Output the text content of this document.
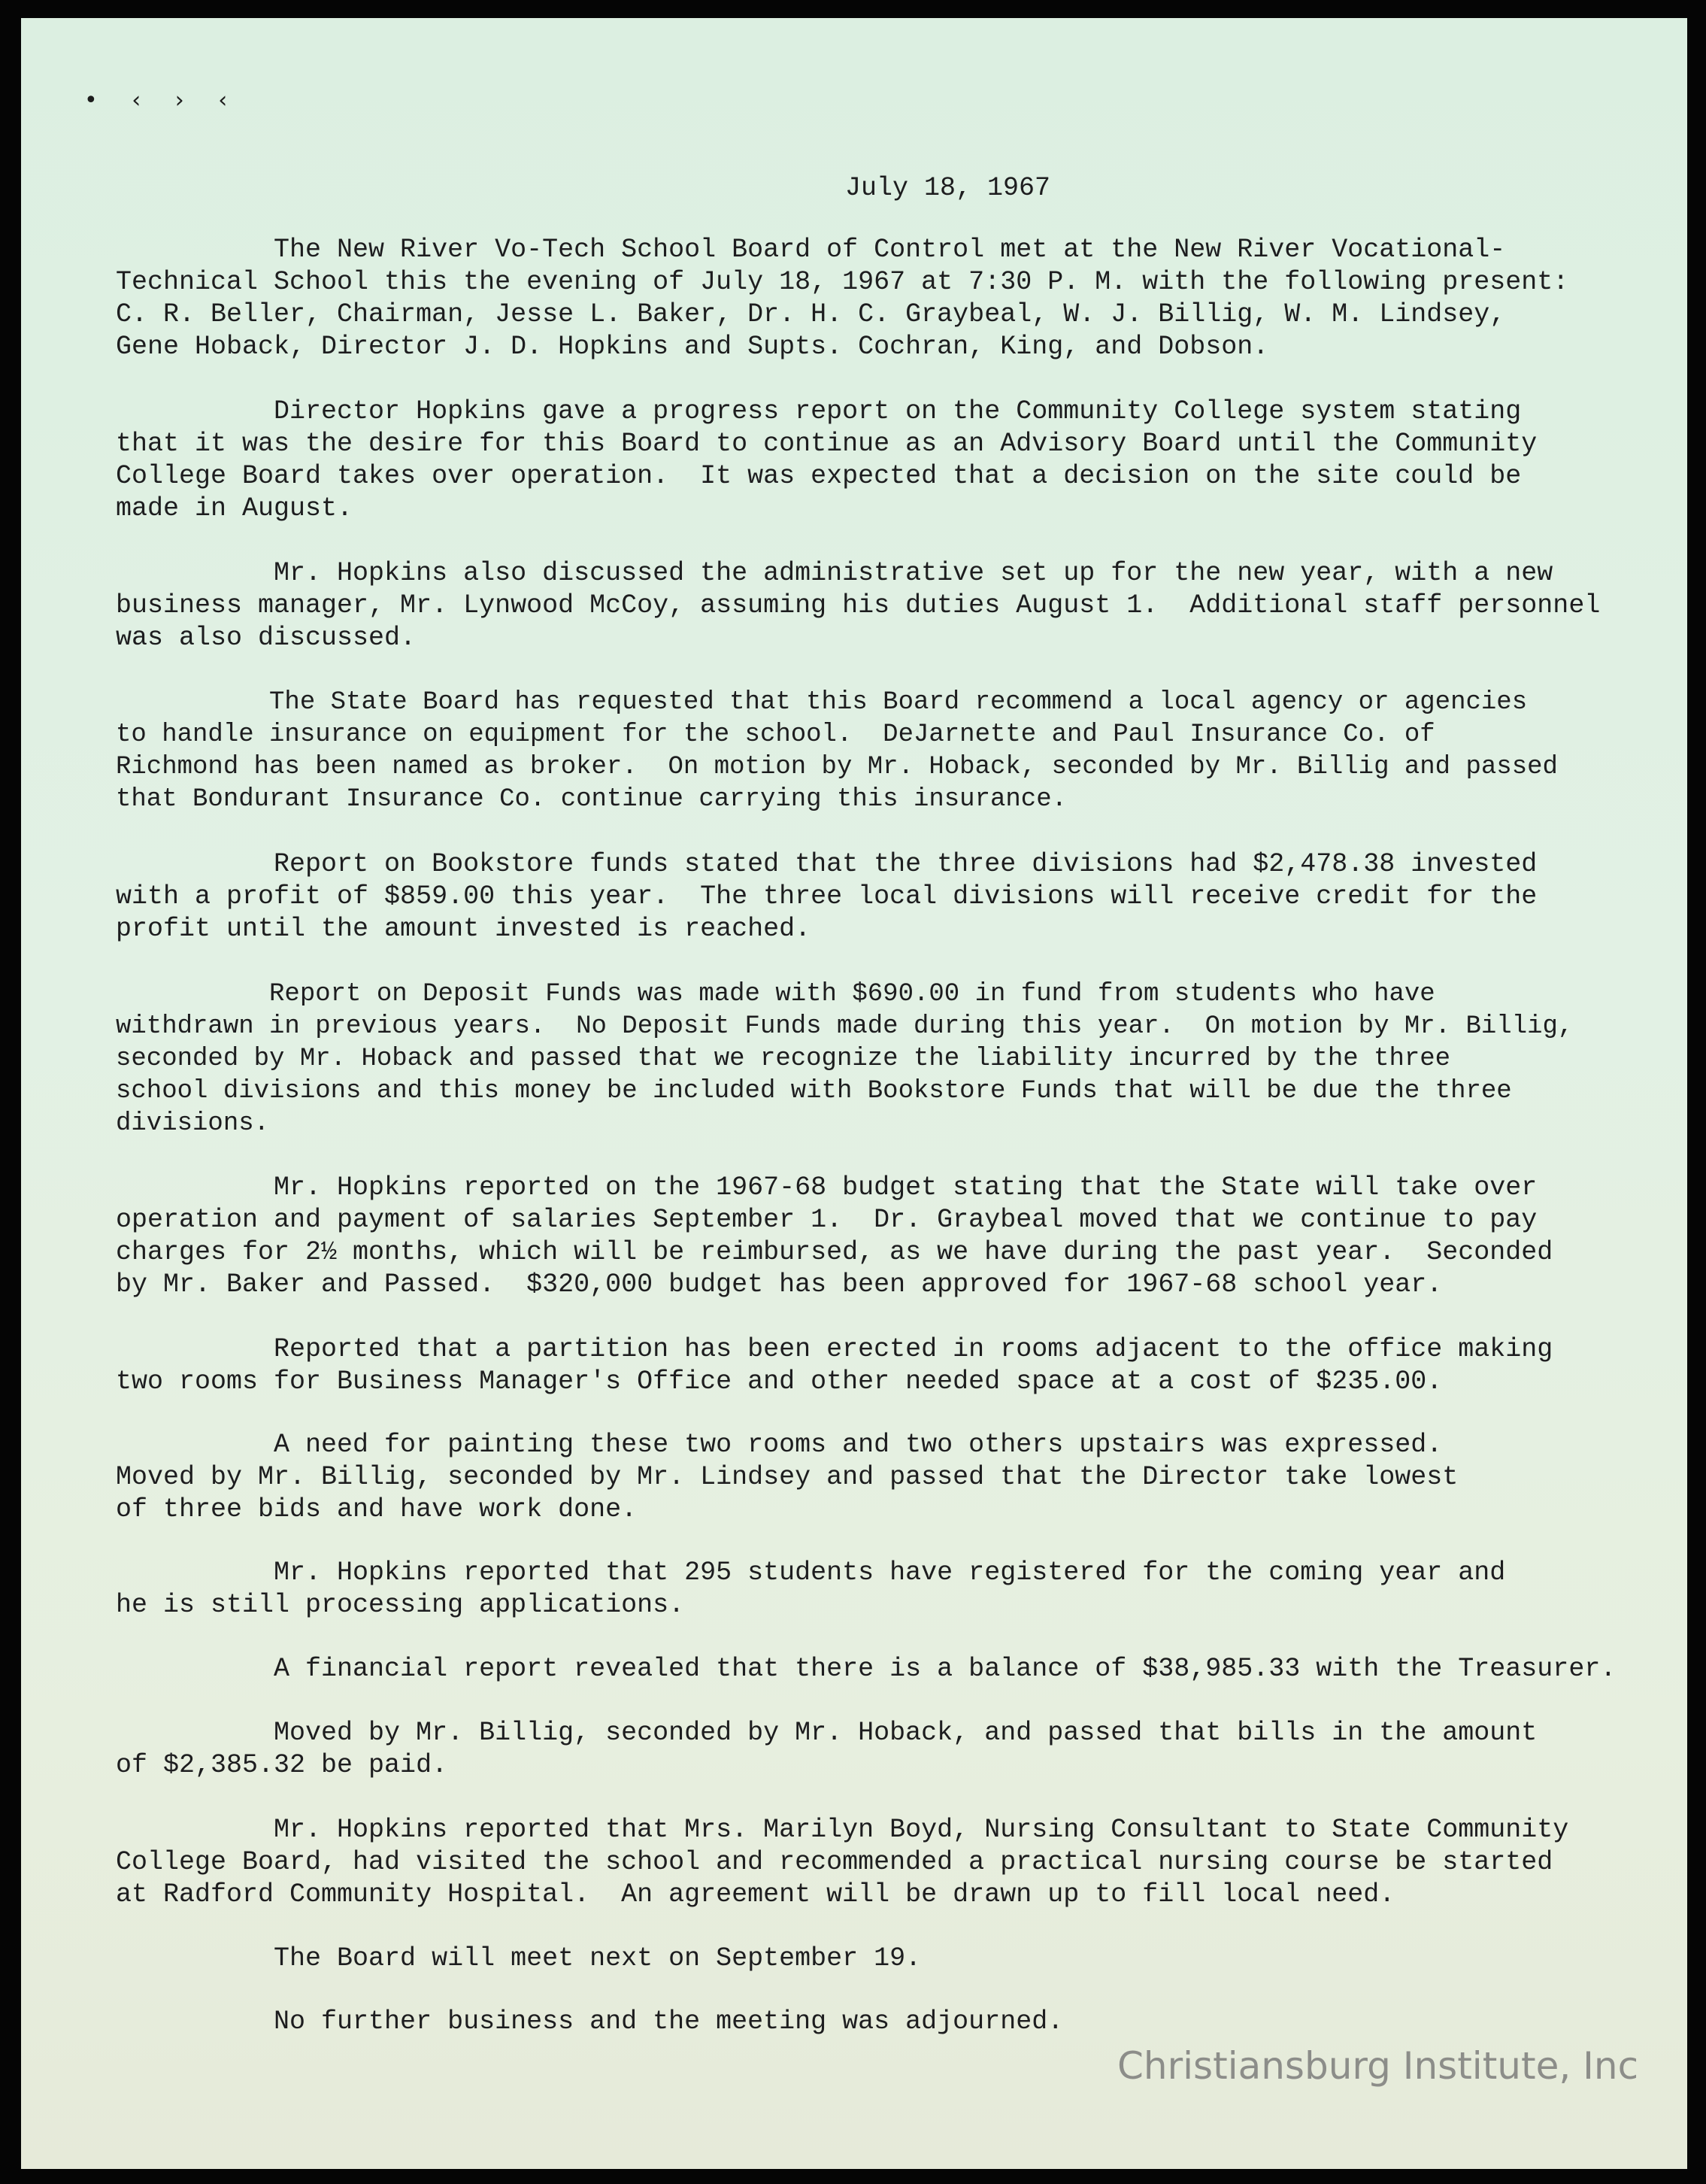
• ‹ › ‹

July 18, 1967

The New River Vo-Tech School Board of Control met at the New River Vocational-
Technical School this the evening of July 18, 1967 at 7:30 P. M. with the following present:
C. R. Beller, Chairman, Jesse L. Baker, Dr. H. C. Graybeal, W. J. Billig, W. M. Lindsey,
Gene Hoback, Director J. D. Hopkins and Supts. Cochran, King, and Dobson.

Director Hopkins gave a progress report on the Community College system stating
that it was the desire for this Board to continue as an Advisory Board until the Community
College Board takes over operation.  It was expected that a decision on the site could be
made in August.

Mr. Hopkins also discussed the administrative set up for the new year, with a new
business manager, Mr. Lynwood McCoy, assuming his duties August 1.  Additional staff personnel
was also discussed.

The State Board has requested that this Board recommend a local agency or agencies
to handle insurance on equipment for the school.  DeJarnette and Paul Insurance Co. of
Richmond has been named as broker.  On motion by Mr. Hoback, seconded by Mr. Billig and passed
that Bondurant Insurance Co. continue carrying this insurance.

Report on Bookstore funds stated that the three divisions had $2,478.38 invested
with a profit of $859.00 this year.  The three local divisions will receive credit for the
profit until the amount invested is reached.

Report on Deposit Funds was made with $690.00 in fund from students who have
withdrawn in previous years.  No Deposit Funds made during this year.  On motion by Mr. Billig,
seconded by Mr. Hoback and passed that we recognize the liability incurred by the three
school divisions and this money be included with Bookstore Funds that will be due the three
divisions.

Mr. Hopkins reported on the 1967-68 budget stating that the State will take over
operation and payment of salaries September 1.  Dr. Graybeal moved that we continue to pay
charges for 2½ months, which will be reimbursed, as we have during the past year.  Seconded
by Mr. Baker and Passed.  $320,000 budget has been approved for 1967-68 school year.

Reported that a partition has been erected in rooms adjacent to the office making
two rooms for Business Manager's Office and other needed space at a cost of $235.00.

A need for painting these two rooms and two others upstairs was expressed.
Moved by Mr. Billig, seconded by Mr. Lindsey and passed that the Director take lowest
of three bids and have work done.

Mr. Hopkins reported that 295 students have registered for the coming year and
he is still processing applications.

A financial report revealed that there is a balance of $38,985.33 with the Treasurer.

Moved by Mr. Billig, seconded by Mr. Hoback, and passed that bills in the amount
of $2,385.32 be paid.

Mr. Hopkins reported that Mrs. Marilyn Boyd, Nursing Consultant to State Community
College Board, had visited the school and recommended a practical nursing course be started
at Radford Community Hospital.  An agreement will be drawn up to fill local need.

The Board will meet next on September 19.

No further business and the meeting was adjourned.

Christiansburg Institute, Inc
